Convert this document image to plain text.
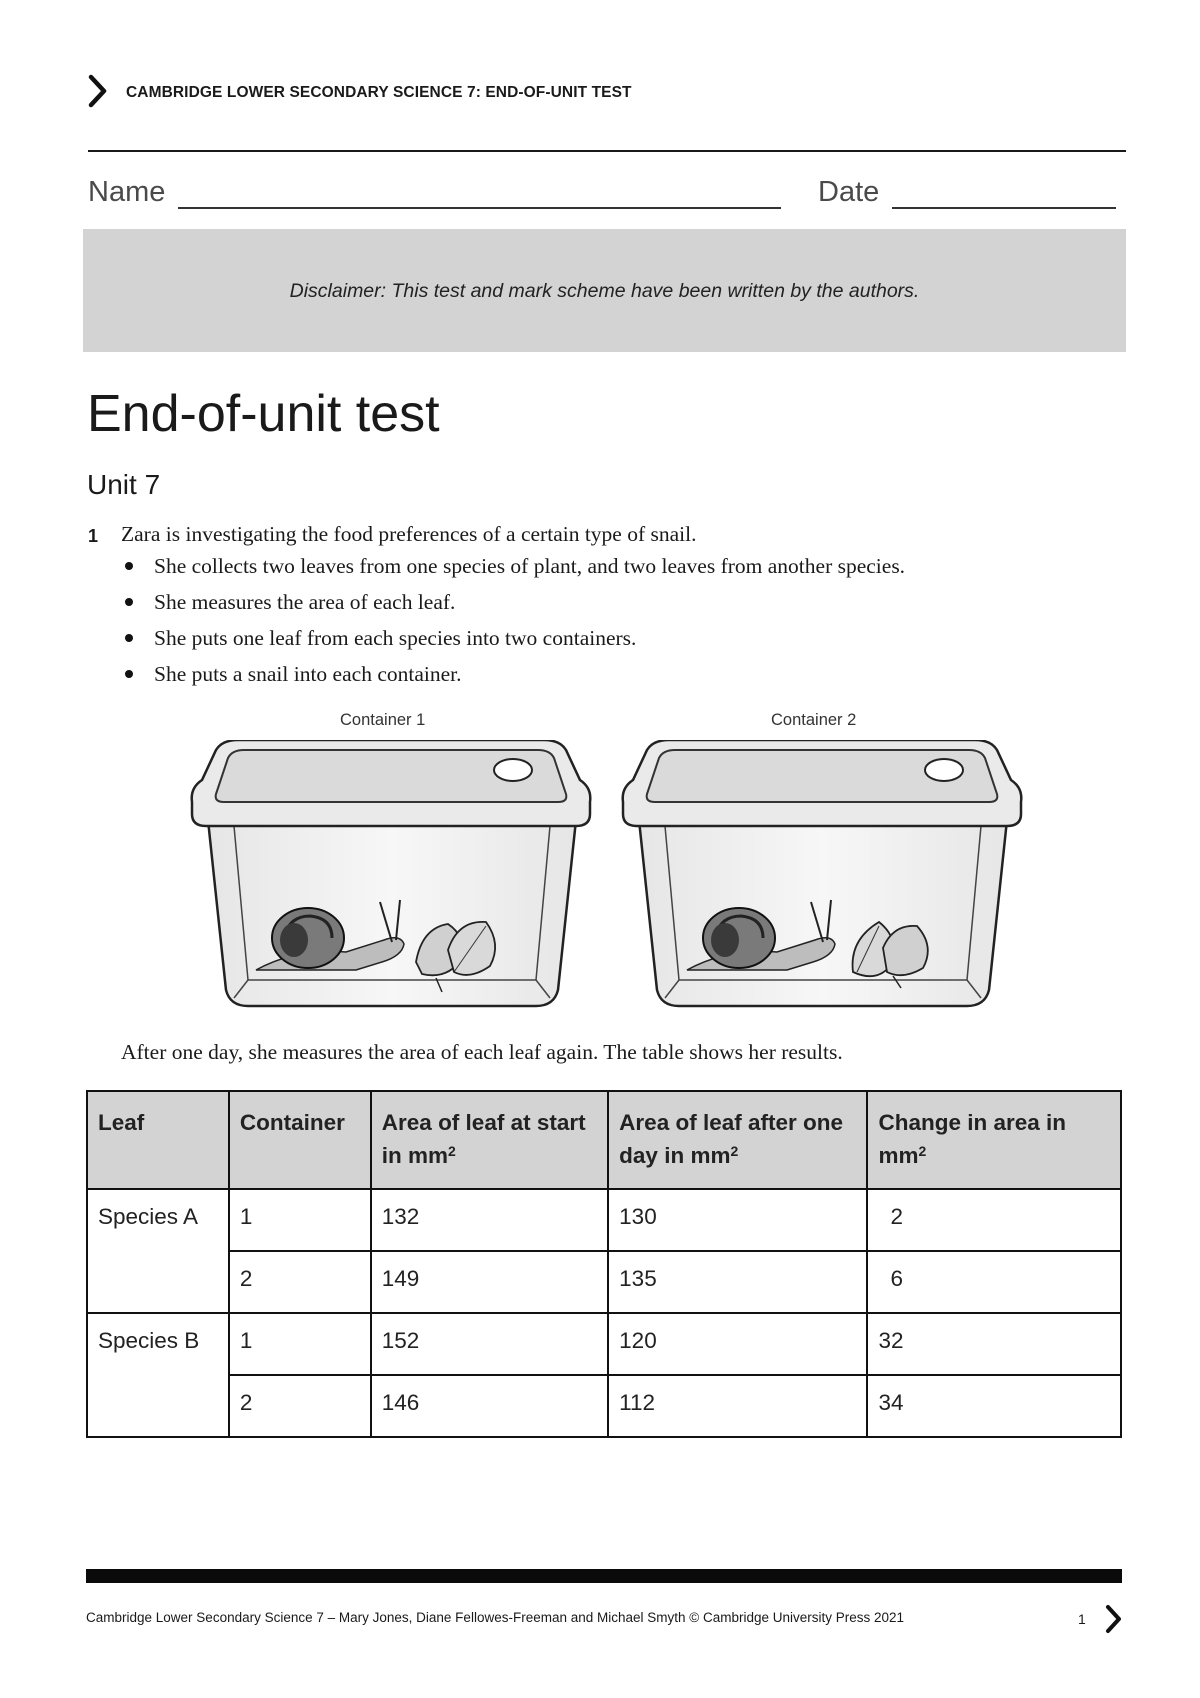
CAMBRIDGE LOWER SECONDARY SCIENCE 7: END-OF-UNIT TEST
Name	Date
Disclaimer: This test and mark scheme have been written by the authors.
End-of-unit test
Unit 7
1 Zara is investigating the food preferences of a certain type of snail.
She collects two leaves from one species of plant, and two leaves from another species.
She measures the area of each leaf.
She puts one leaf from each species into two containers.
She puts a snail into each container.
Container 1	Container 2
After one day, she measures the area of each leaf again. The table shows her results.
Leaf	Container	Area of leaf at start in $mm^2$	Area of leaf after one day in $mm^2$	Change in area in $mm^2$
Species A	1	132	130	2
	2	149	135	6
Species B	1	152	120	32
	2	146	112	34
Cambridge Lower Secondary Science 7 – Mary Jones, Diane Fellowes-Freeman and Michael Smyth © Cambridge University Press 2021	1
